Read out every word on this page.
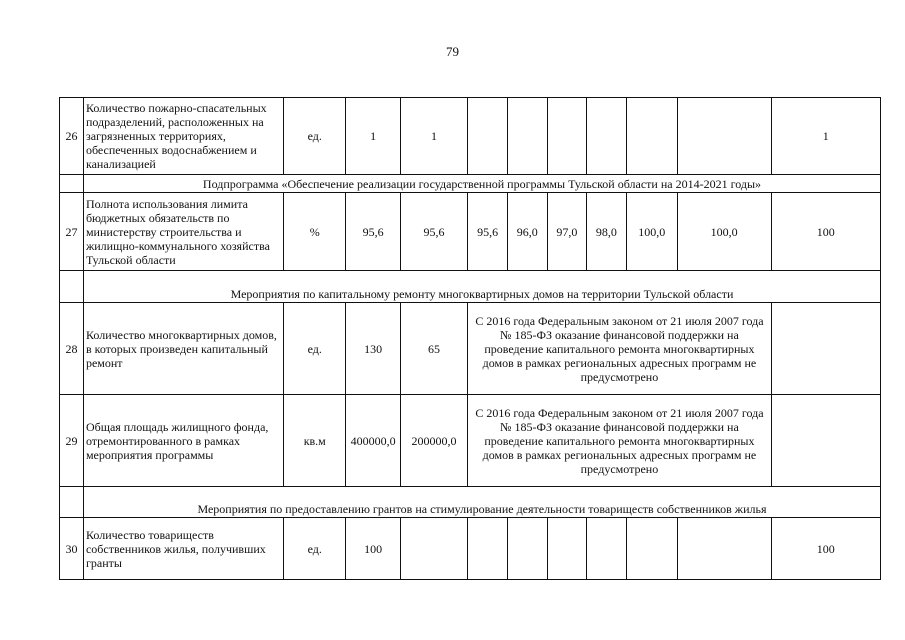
79
26	Количество пожарно-спасательных подразделений, расположенных на загрязненных территориях, обеспеченных водоснабжением и канализацией	ед.	1	1							1
	Подпрограмма «Обеспечение реализации государственной программы Тульской области на 2014-2021 годы»										
27	Полнота использования лимита бюджетных обязательств по министерству строительства и жилищно-коммунального хозяйства Тульской области	%	95,6	95,6	95,6	96,0	97,0	98,0	100,0	100,0	100
	Мероприятия по капитальному ремонту многоквартирных домов на территории Тульской области										
28	Количество многоквартирных домов, в которых произведен капитальный ремонт	ед.	130	65	С 2016 года Федеральным законом от 21 июля 2007 года № 185-ФЗ оказание финансовой поддержки на проведение капитального ремонта многоквартирных домов в рамках региональных адресных программ не предусмотрено						
29	Общая площадь жилищного фонда, отремонтированного в рамках мероприятия программы	кв.м	400000,0	200000,0	С 2016 года Федеральным законом от 21 июля 2007 года № 185-ФЗ оказание финансовой поддержки на проведение капитального ремонта многоквартирных домов в рамках региональных адресных программ не предусмотрено						
	Мероприятия по предоставлению грантов на стимулирование деятельности товариществ собственников жилья										
30	Количество товариществ собственников жилья, получивших гранты	ед.	100								100
